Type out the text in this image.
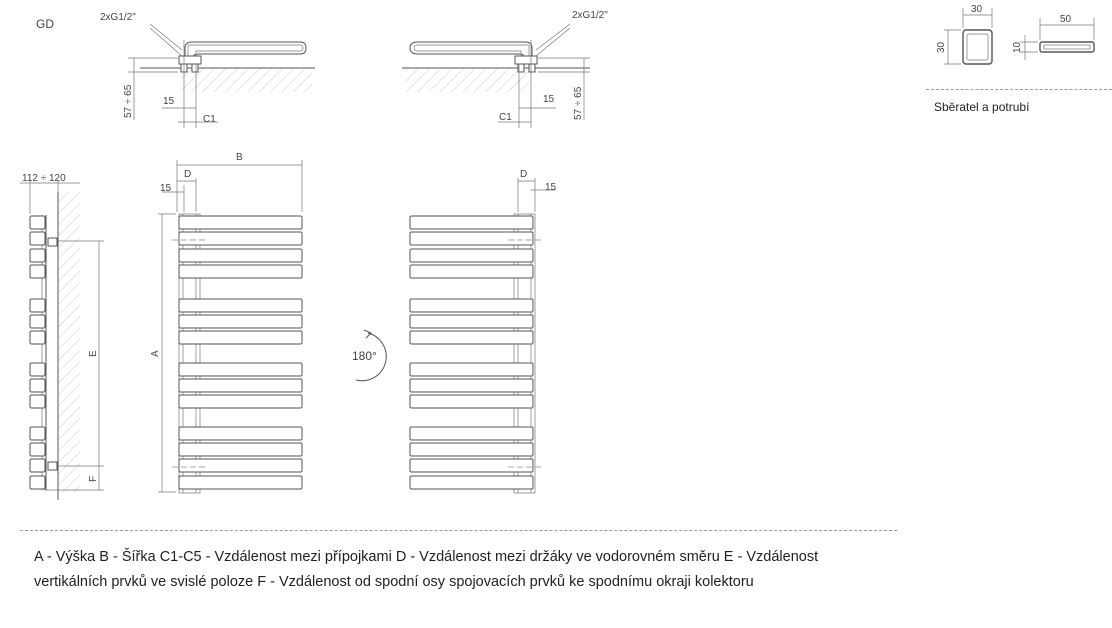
GD	2xG1/2"
57 ÷ 65	15
C1
2xG1/2"
57 ÷ 65
15
C1
112 ÷ 120
E
F
B
D
15
A	180°
D
15
30
30
50
10
Sběratel a potrubí
A - Výška B - Šířka C1-C5 - Vzdálenost mezi přípojkami D - Vzdálenost mezi držáky ve vodorovném směru E - Vzdálenost vertikálních prvků ve svislé poloze F - Vzdálenost od spodní osy spojovacích prvků ke spodnímu okraji kolektoru
